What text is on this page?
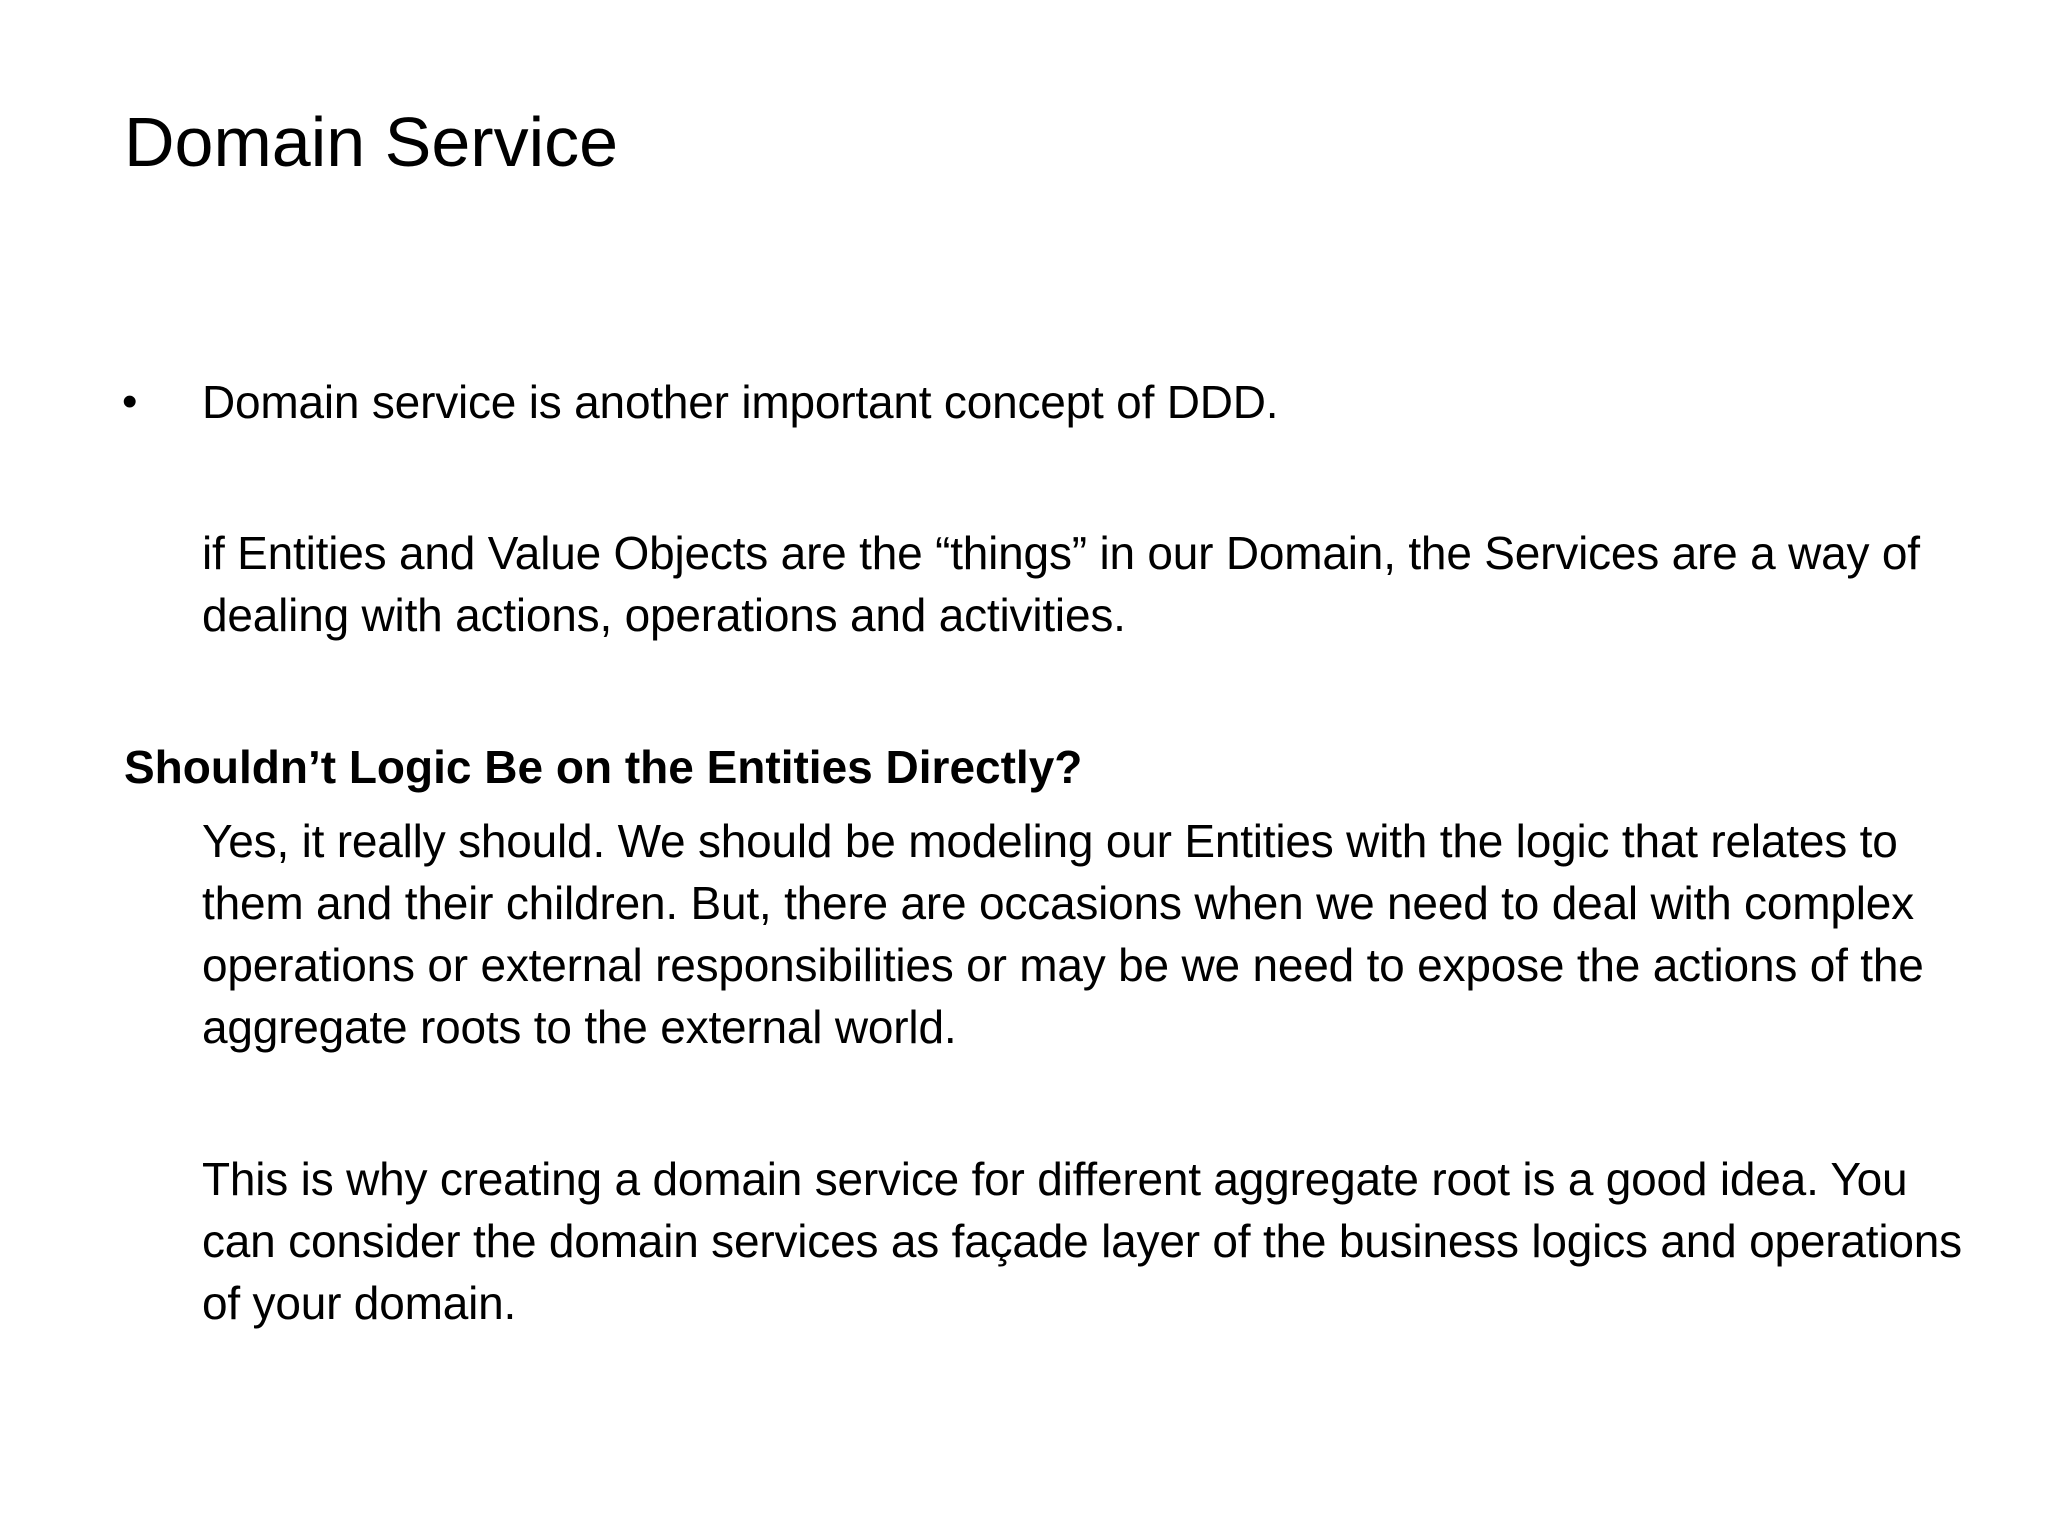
Domain Service
• Domain service is another important concept of DDD.
if Entities and Value Objects are the “things” in our Domain, the Services are a way of dealing with actions, operations and activities.
Shouldn’t Logic Be on the Entities Directly?
Yes, it really should. We should be modeling our Entities with the logic that relates to them and their children. But, there are occasions when we need to deal with complex operations or external responsibilities or may be we need to expose the actions of the aggregate roots to the external world.
This is why creating a domain service for different aggregate root is a good idea. You can consider the domain services as façade layer of the business logics and operations of your domain.
